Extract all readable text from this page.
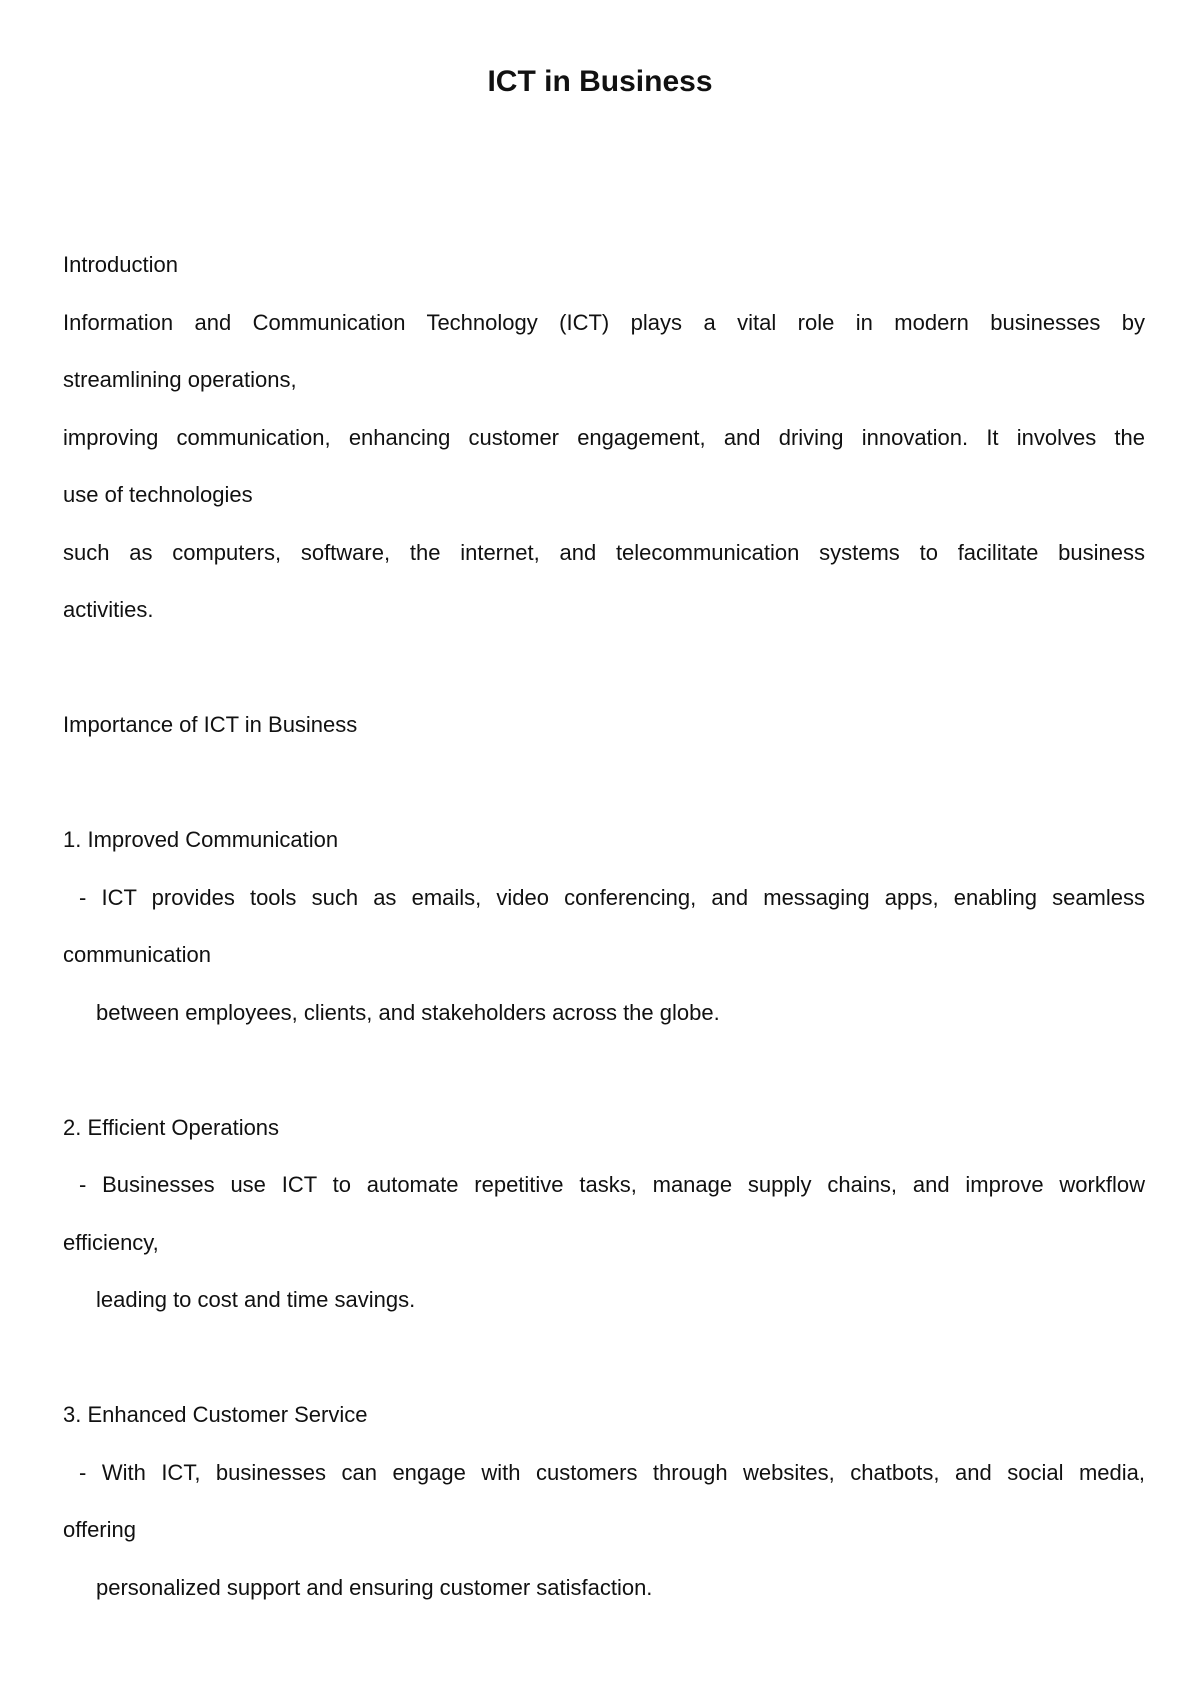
ICT in Business
Introduction
Information and Communication Technology (ICT) plays a vital role in modern businesses by
streamlining operations,
improving communication, enhancing customer engagement, and driving innovation. It involves the
use of technologies
such as computers, software, the internet, and telecommunication systems to facilitate business
activities.
Importance of ICT in Business
1. Improved Communication
- ICT provides tools such as emails, video conferencing, and messaging apps, enabling seamless
communication
between employees, clients, and stakeholders across the globe.
2. Efficient Operations
- Businesses use ICT to automate repetitive tasks, manage supply chains, and improve workflow
efficiency,
leading to cost and time savings.
3. Enhanced Customer Service
- With ICT, businesses can engage with customers through websites, chatbots, and social media,
offering
personalized support and ensuring customer satisfaction.
